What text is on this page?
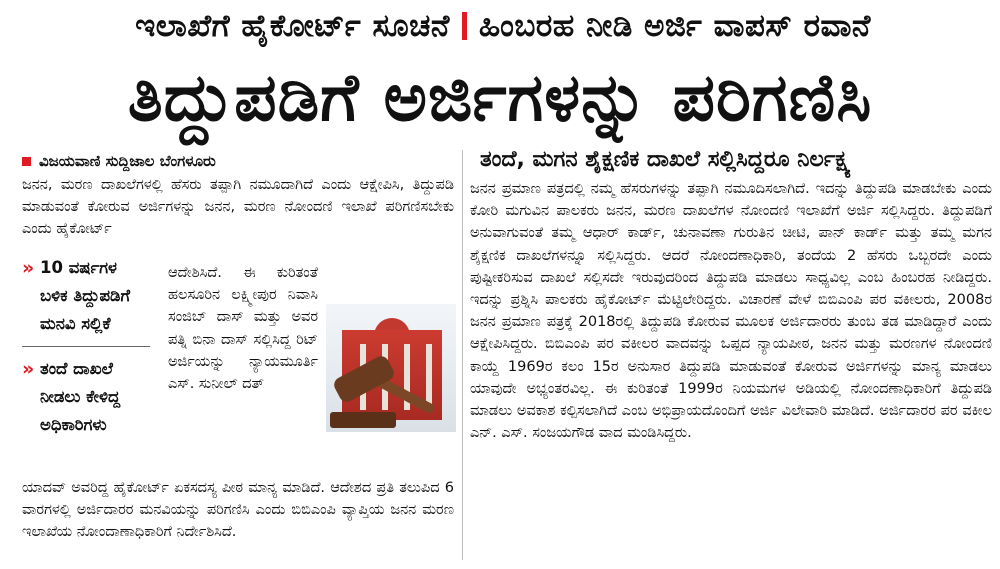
ಇಲಾಖೆಗೆ ಹೈಕೋರ್ಟ್ ಸೂಚನೆ ಹಿಂಬರಹ ನೀಡಿ ಅರ್ಜಿ ವಾಪಸ್ ರವಾನೆ
ತಿದ್ದುಪಡಿಗೆ ಅರ್ಜಿಗಳನ್ನು ಪರಿಗಣಿಸಿ
ವಿಜಯವಾಣಿ ಸುದ್ದಿಜಾಲ ಬೆಂಗಳೂರು

ಜನನ, ಮರಣ ದಾಖಲೆಗಳಲ್ಲಿ ಹೆಸರು ತಪ್ಪಾಗಿ ನಮೂದಾಗಿದೆ ಎಂದು ಆಕ್ಷೇಪಿಸಿ, ತಿದ್ದುಪಡಿ ಮಾಡುವಂತೆ ಕೋರುವ ಅರ್ಜಿಗಳನ್ನು ಜನನ, ಮರಣ ನೋಂದಣಿ ಇಲಾಖೆ ಪರಿಗಣಿಸಬೇಕು ಎಂದು ಹೈಕೋರ್ಟ್

» 10 ವರ್ಷಗಳ ಬಳಿಕ ತಿದ್ದುಪಡಿಗೆ ಮನವಿ ಸಲ್ಲಿಕೆ
» ತಂದೆ ದಾಖಲೆ ನೀಡಲು ಕೇಳಿದ್ದ ಅಧಿಕಾರಿಗಳು
ಆದೇಶಿಸಿದೆ. ಈ ಕುರಿತಂತೆ ಹಲಸೂರಿನ ಲಕ್ಷ್ಮೀಪುರ ನಿವಾಸಿ ಸಂಜಿಬ್ ದಾಸ್ ಮತ್ತು ಅವರ ಪತ್ನಿ ಬಿನಾ ದಾಸ್ ಸಲ್ಲಿಸಿದ್ದ ರಿಟ್ ಅರ್ಜಿಯನ್ನು ನ್ಯಾಯಮೂರ್ತಿ ಎಸ್. ಸುನೀಲ್ ದತ್

ಯಾದವ್ ಅವರಿದ್ದ ಹೈಕೋರ್ಟ್ ಏಕಸದಸ್ಯ ಪೀಠ ಮಾನ್ಯ ಮಾಡಿದೆ. ಆದೇಶದ ಪ್ರತಿ ತಲುಪಿದ 6 ವಾರಗಳಲ್ಲಿ ಅರ್ಜಿದಾರರ ಮನವಿಯನ್ನು ಪರಿಗಣಿಸಿ ಎಂದು ಬಿಬಿಎಂಪಿ ವ್ಯಾಪ್ತಿಯ ಜನನ ಮರಣ ಇಲಾಖೆಯ ನೋಂದಾಣಾಧಿಕಾರಿಗೆ ನಿರ್ದೇಶಿಸಿದೆ.

ತಂದೆ, ಮಗನ ಶೈಕ್ಷಣಿಕ ದಾಖಲೆ ಸಲ್ಲಿಸಿದ್ದರೂ ನಿರ್ಲಕ್ಷ್ಯ

ಜನನ ಪ್ರಮಾಣ ಪತ್ರದಲ್ಲಿ ನಮ್ಮ ಹೆಸರುಗಳನ್ನು ತಪ್ಪಾಗಿ ನಮೂದಿಸಲಾಗಿದೆ. ಇದನ್ನು ತಿದ್ದುಪಡಿ ಮಾಡಬೇಕು ಎಂದು ಕೋರಿ ಮಗುವಿನ ಪಾಲಕರು ಜನನ, ಮರಣ ದಾಖಲೆಗಳ ನೋಂದಣಿ ಇಲಾಖೆಗೆ ಅರ್ಜಿ ಸಲ್ಲಿಸಿದ್ದರು. ತಿದ್ದುಪಡಿಗೆ ಅನುವಾಗುವಂತೆ ತಮ್ಮ ಆಧಾರ್ ಕಾರ್ಡ್, ಚುನಾವಣಾ ಗುರುತಿನ ಚೀಟಿ, ಪಾನ್ ಕಾರ್ಡ್ ಮತ್ತು ತಮ್ಮ ಮಗನ ಶೈಕ್ಷಣಿಕ ದಾಖಲೆಗಳನ್ನೂ ಸಲ್ಲಿಸಿದ್ದರು. ಆದರೆ ನೋಂದಣಾಧಿಕಾರಿ, ತಂದೆಯ 2 ಹೆಸರು ಒಬ್ಬರದೇ ಎಂದು ಪುಷ್ಟೀಕರಿಸುವ ದಾಖಲೆ ಸಲ್ಲಿಸದೇ ಇರುವುದರಿಂದ ತಿದ್ದುಪಡಿ ಮಾಡಲು ಸಾಧ್ಯವಿಲ್ಲ ಎಂಬ ಹಿಂಬರಹ ನೀಡಿದ್ದರು. ಇದನ್ನು ಪ್ರಶ್ನಿಸಿ ಪಾಲಕರು ಹೈಕೋರ್ಟ್ ಮೆಟ್ಟಿಲೇರಿದ್ದರು. ವಿಚಾರಣೆ ವೇಳೆ ಬಿಬಿಎಂಪಿ ಪರ ವಕೀಲರು, 2008ರ ಜನನ ಪ್ರಮಾಣ ಪತ್ರಕ್ಕೆ 2018ರಲ್ಲಿ ತಿದ್ದುಪಡಿ ಕೋರುವ ಮೂಲಕ ಅರ್ಜಿದಾರರು ತುಂಬ ತಡ ಮಾಡಿದ್ದಾರೆ ಎಂದು ಆಕ್ಷೇಪಿಸಿದ್ದರು. ಬಿಬಿಎಂಪಿ ಪರ ವಕೀಲರ ವಾದವನ್ನು ಒಪ್ಪದ ನ್ಯಾಯಪೀಠ, ಜನನ ಮತ್ತು ಮರಣಗಳ ನೋಂದಣಿ ಕಾಯ್ದೆ 1969ರ ಕಲಂ 15ರ ಅನುಸಾರ ತಿದ್ದುಪಡಿ ಮಾಡುವಂತೆ ಕೋರುವ ಅರ್ಜಿಗಳನ್ನು ಮಾನ್ಯ ಮಾಡಲು ಯಾವುದೇ ಅಭ್ಯಂತರವಿಲ್ಲ. ಈ ಕುರಿತಂತೆ 1999ರ ನಿಯಮಗಳ ಅಡಿಯಲ್ಲಿ ನೋಂದಣಾಧಿಕಾರಿಗೆ ತಿದ್ದುಪಡಿ ಮಾಡಲು ಅವಕಾಶ ಕಲ್ಪಿಸಲಾಗಿದೆ ಎಂಬ ಅಭಿಪ್ರಾಯದೊಂದಿಗೆ ಅರ್ಜಿ ವಿಲೇವಾರಿ ಮಾಡಿದೆ. ಅರ್ಜಿದಾರರ ಪರ ವಕೀಲ ಎನ್. ಎಸ್. ಸಂಜಯಗೌಡ ವಾದ ಮಂಡಿಸಿದ್ದರು.
